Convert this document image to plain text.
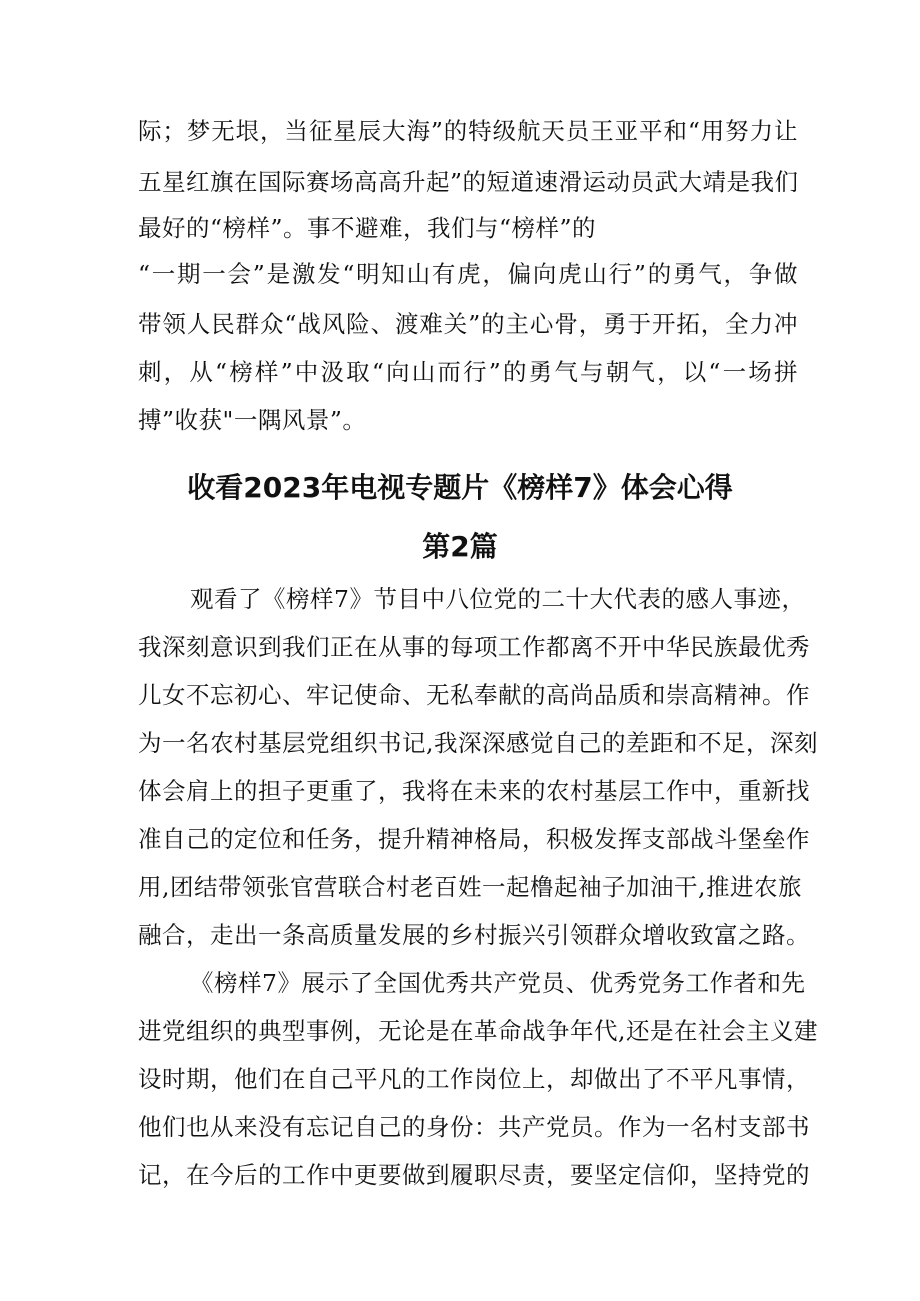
际；梦无垠，当征星辰大海”的特级航天员王亚平和“用努力让
五星红旗在国际赛场高高升起”的短道速滑运动员武大靖是我们
最好的“榜样”。事不避难，我们与“榜样”的
“一期一会”是激发“明知山有虎，偏向虎山行”的勇气，争做
带领人民群众“战风险、渡难关”的主心骨，勇于开拓，全力冲
刺，从“榜样”中汲取“向山而行”的勇气与朝气，以“一场拼
搏”收获"一隅风景”。
收看2023年电视专题片《榜样7》体会心得
第2篇
观看了《榜样7》节目中八位党的二十大代表的感人事迹，
我深刻意识到我们正在从事的每项工作都离不开中华民族最优秀
儿女不忘初心、牢记使命、无私奉献的高尚品质和崇高精神。作
为一名农村基层党组织书记,我深深感觉自己的差距和不足，深刻
体会肩上的担子更重了，我将在未来的农村基层工作中，重新找
准自己的定位和任务，提升精神格局，积极发挥支部战斗堡垒作
用,团结带领张官营联合村老百姓一起橹起袖子加油干,推进农旅
融合，走出一条高质量发展的乡村振兴引领群众增收致富之路。
《榜样7》展示了全国优秀共产党员、优秀党务工作者和先
进党组织的典型事例，无论是在革命战争年代,还是在社会主义建
设时期，他们在自己平凡的工作岗位上，却做出了不平凡事情，
他们也从来没有忘记自己的身份：共产党员。作为一名村支部书
记，在今后的工作中更要做到履职尽责，要坚定信仰，坚持党的
